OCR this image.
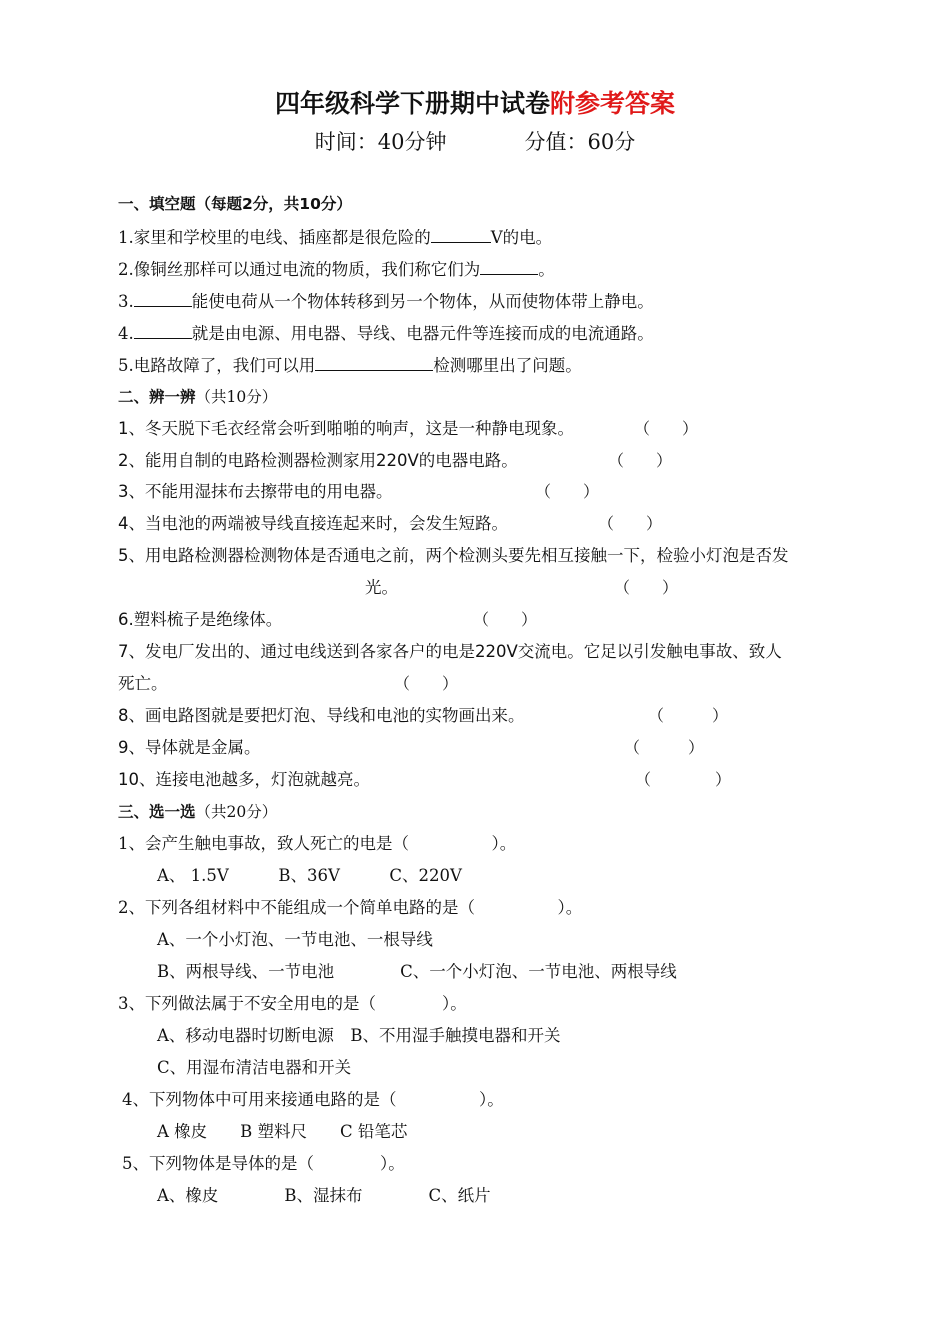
四年级科学下册期中试卷附参考答案
时间：40分钟	分值：60分
一、填空题（每题2分，共10分）
1.家里和学校里的电线、插座都是很危险的	V的电。
2.像铜丝那样可以通过电流的物质，我们称它们为	。
3.	能使电荷从一个物体转移到另一个物体，从而使物体带上静电。
4.	就是由电源、用电器、导线、电器元件等连接而成的电流通路。
5.电路故障了，我们可以用	检测哪里出了问题。
二、辨一辨（共10分）
1、冬天脱下毛衣经常会听到啪啪的响声，这是一种静电现象。	（　　）
2、能用自制的电路检测器检测家用220V的电器电路。	（　　）
3、不能用湿抹布去擦带电的用电器。	（　　）
4、当电池的两端被导线直接连起来时，会发生短路。	（　　）
5、用电路检测器检测物体是否通电之前，两个检测头要先相互接触一下，检验小灯泡是否发
光。	（　　）
6.塑料梳子是绝缘体。	（　　）
7、发电厂发出的、通过电线送到各家各户的电是220V交流电。它足以引发触电事故、致人
死亡。	（　　）
8、画电路图就是要把灯泡、导线和电池的实物画出来。	（　　　）
9、导体就是金属。	（　　　）
10、连接电池越多，灯泡就越亮。	（　　　　）
三、选一选（共20分）
1、会产生触电事故，致人死亡的电是（　　　　　）。
A、 1.5V　　　B、36V　　　C、220V
2、下列各组材料中不能组成一个简单电路的是（　　　　　）。
A、一个小灯泡、一节电池、一根导线
B、两根导线、一节电池　　　　C、一个小灯泡、一节电池、两根导线
3、下列做法属于不安全用电的是（　　　　）。
A、移动电器时切断电源　B、不用湿手触摸电器和开关
C、用湿布清洁电器和开关
4、下列物体中可用来接通电路的是（　　　　　）。
A 橡皮　　B 塑料尺　　C 铅笔芯
5、下列物体是导体的是（　　　　）。
A、橡皮　　　　B、湿抹布　　　　C、纸片
